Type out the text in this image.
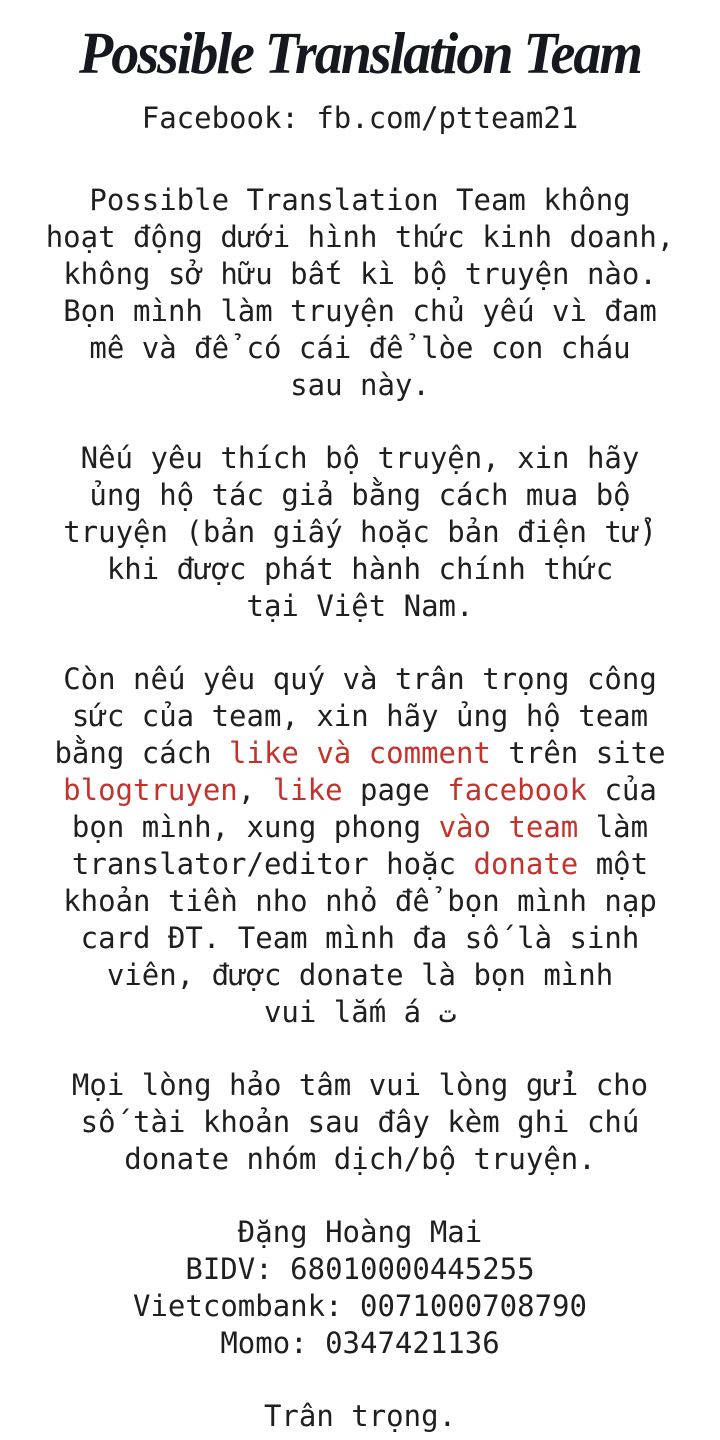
Possible Translation Team
Facebook: fb.com/ptteam21

Possible Translation Team không
hoạt động dưới hình thức kinh doanh,
không sở hữu bất kì bộ truyện nào.
Bọn mình làm truyện chủ yếu vì đam
mê và để có cái để lòe con cháu
sau này.

Nếu yêu thích bộ truyện, xin hãy
ủng hộ tác giả bằng cách mua bộ
truyện (bản giấy hoặc bản điện tử)
khi được phát hành chính thức
tại Việt Nam.

Còn nếu yêu quý và trân trọng công
sức của team, xin hãy ủng hộ team
bằng cách like và comment trên site
blogtruyen, like page facebook của
bọn mình, xung phong vào team làm
translator/editor hoặc donate một
khoản tiền nho nhỏ để bọn mình nạp
card ĐT. Team mình đa số là sinh
viên, được donate là bọn mình
vui lắm á ت

Mọi lòng hảo tâm vui lòng gửi cho
số tài khoản sau đây kèm ghi chú
donate nhóm dịch/bộ truyện.

Đặng Hoàng Mai
BIDV: 68010000445255
Vietcombank: 0071000708790
Momo: 0347421136

Trân trọng.
